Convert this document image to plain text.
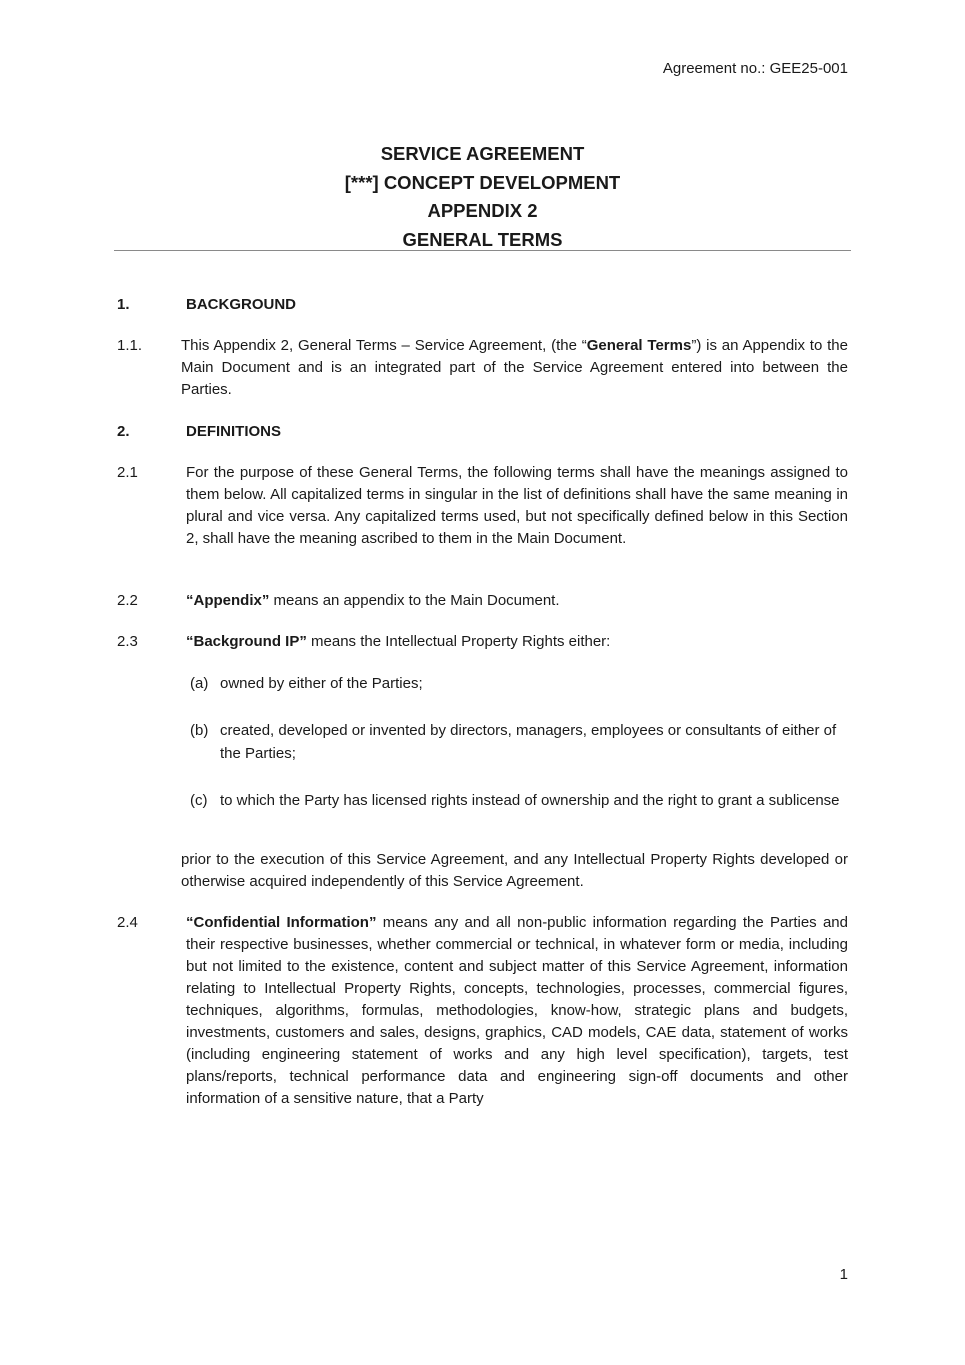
Agreement no.: GEE25-001
SERVICE AGREEMENT
[***] CONCEPT DEVELOPMENT
APPENDIX 2
GENERAL TERMS
1.	BACKGROUND
1.1.	This Appendix 2, General Terms – Service Agreement, (the “General Terms”) is an Appendix to the Main Document and is an integrated part of the Service Agreement entered into between the Parties.
2.	DEFINITIONS
2.1	For the purpose of these General Terms, the following terms shall have the meanings assigned to them below. All capitalized terms in singular in the list of definitions shall have the same meaning in plural and vice versa. Any capitalized terms used, but not specifically defined below in this Section 2, shall have the meaning ascribed to them in the Main Document.
2.2	“Appendix” means an appendix to the Main Document.
2.3	“Background IP” means the Intellectual Property Rights either:
(a) owned by either of the Parties;
(b) created, developed or invented by directors, managers, employees or consultants of either of the Parties;
(c) to which the Party has licensed rights instead of ownership and the right to grant a sublicense
prior to the execution of this Service Agreement, and any Intellectual Property Rights developed or otherwise acquired independently of this Service Agreement.
2.4	“Confidential Information” means any and all non-public information regarding the Parties and their respective businesses, whether commercial or technical, in whatever form or media, including but not limited to the existence, content and subject matter of this Service Agreement, information relating to Intellectual Property Rights, concepts, technologies, processes, commercial figures, techniques, algorithms, formulas, methodologies, know-how, strategic plans and budgets, investments, customers and sales, designs, graphics, CAD models, CAE data, statement of works (including engineering statement of works and any high level specification), targets, test plans/reports, technical performance data and engineering sign-off documents and other information of a sensitive nature, that a Party
1
